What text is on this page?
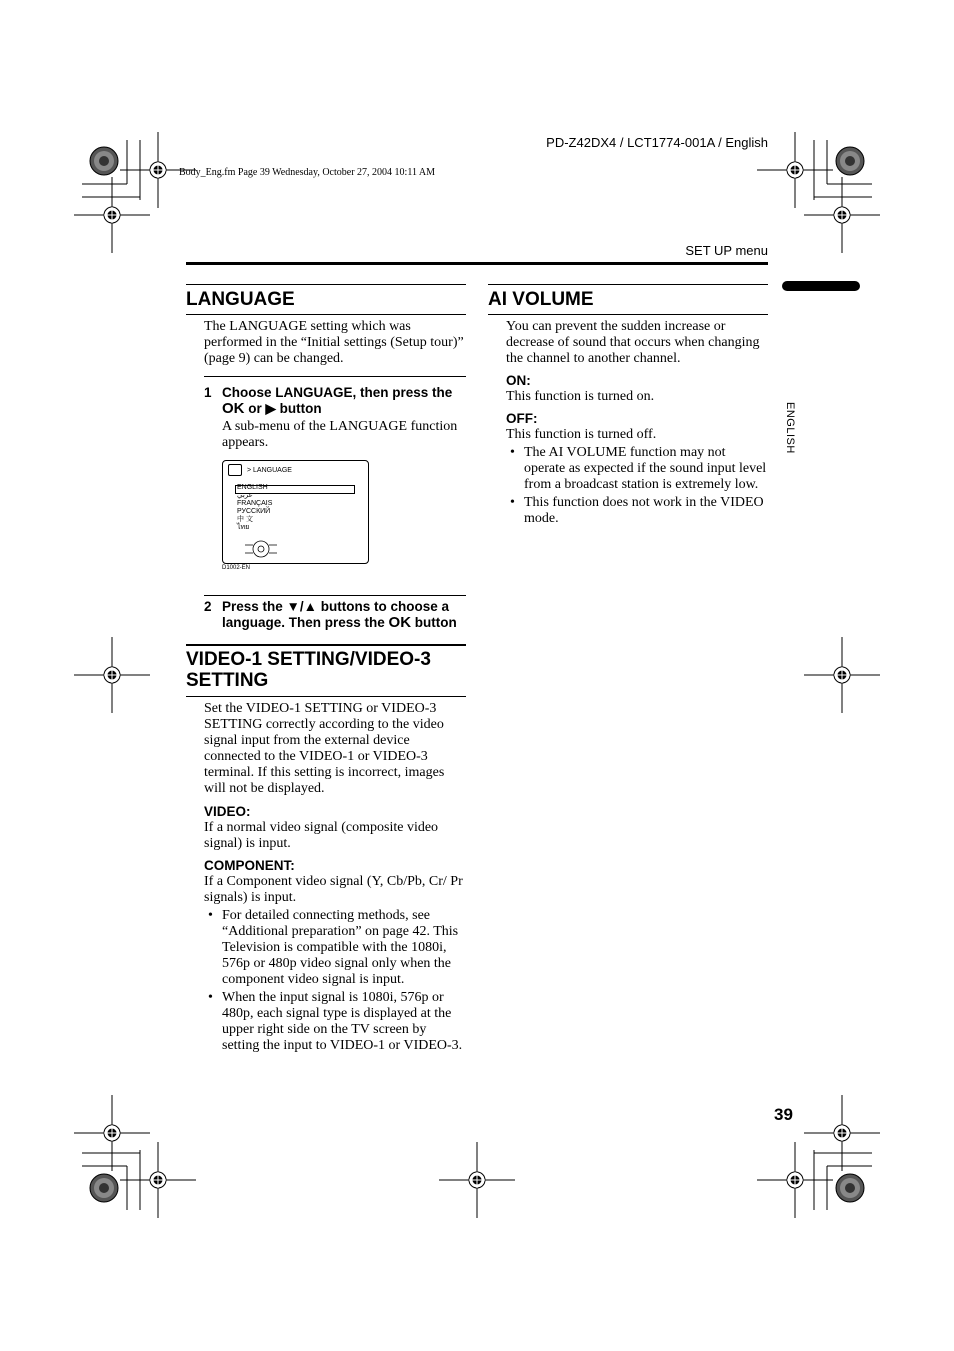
Body_Eng.fm Page 39 Wednesday, October 27, 2004 10:11 AM
PD-Z42DX4 / LCT1774-001A / English
SET UP menu
ENGLISH
LANGUAGE
The LANGUAGE setting which was performed in the “Initial settings (Setup tour)” (page 9) can be changed.
1 Choose LANGUAGE, then press the OK or ▶ button
A sub-menu of the LANGUAGE function appears.
> LANGUAGE
ENGLISH
عربي
FRANÇAIS
РУССКИЙ
中 文
ไทย
D1002-EN
2 Press the ▼/▲ buttons to choose a language. Then press the OK button
VIDEO-1 SETTING/VIDEO-3 SETTING
Set the VIDEO-1 SETTING or VIDEO-3 SETTING correctly according to the video signal input from the external device connected to the VIDEO-1 or VIDEO-3 terminal. If this setting is incorrect, images will not be displayed.
VIDEO:
If a normal video signal (composite video signal) is input.
COMPONENT:
If a Component video signal (Y, Cb/Pb, Cr/ Pr signals) is input.
• For detailed connecting methods, see “Additional preparation” on page 42. This Television is compatible with the 1080i, 576p or 480p video signal only when the component video signal is input.
• When the input signal is 1080i, 576p or 480p, each signal type is displayed at the upper right side on the TV screen by setting the input to VIDEO-1 or VIDEO-3.
AI VOLUME
You can prevent the sudden increase or decrease of sound that occurs when changing the channel to another channel.
ON:
This function is turned on.
OFF:
This function is turned off.
• The AI VOLUME function may not operate as expected if the sound input level from a broadcast station is extremely low.
• This function does not work in the VIDEO mode.
39
